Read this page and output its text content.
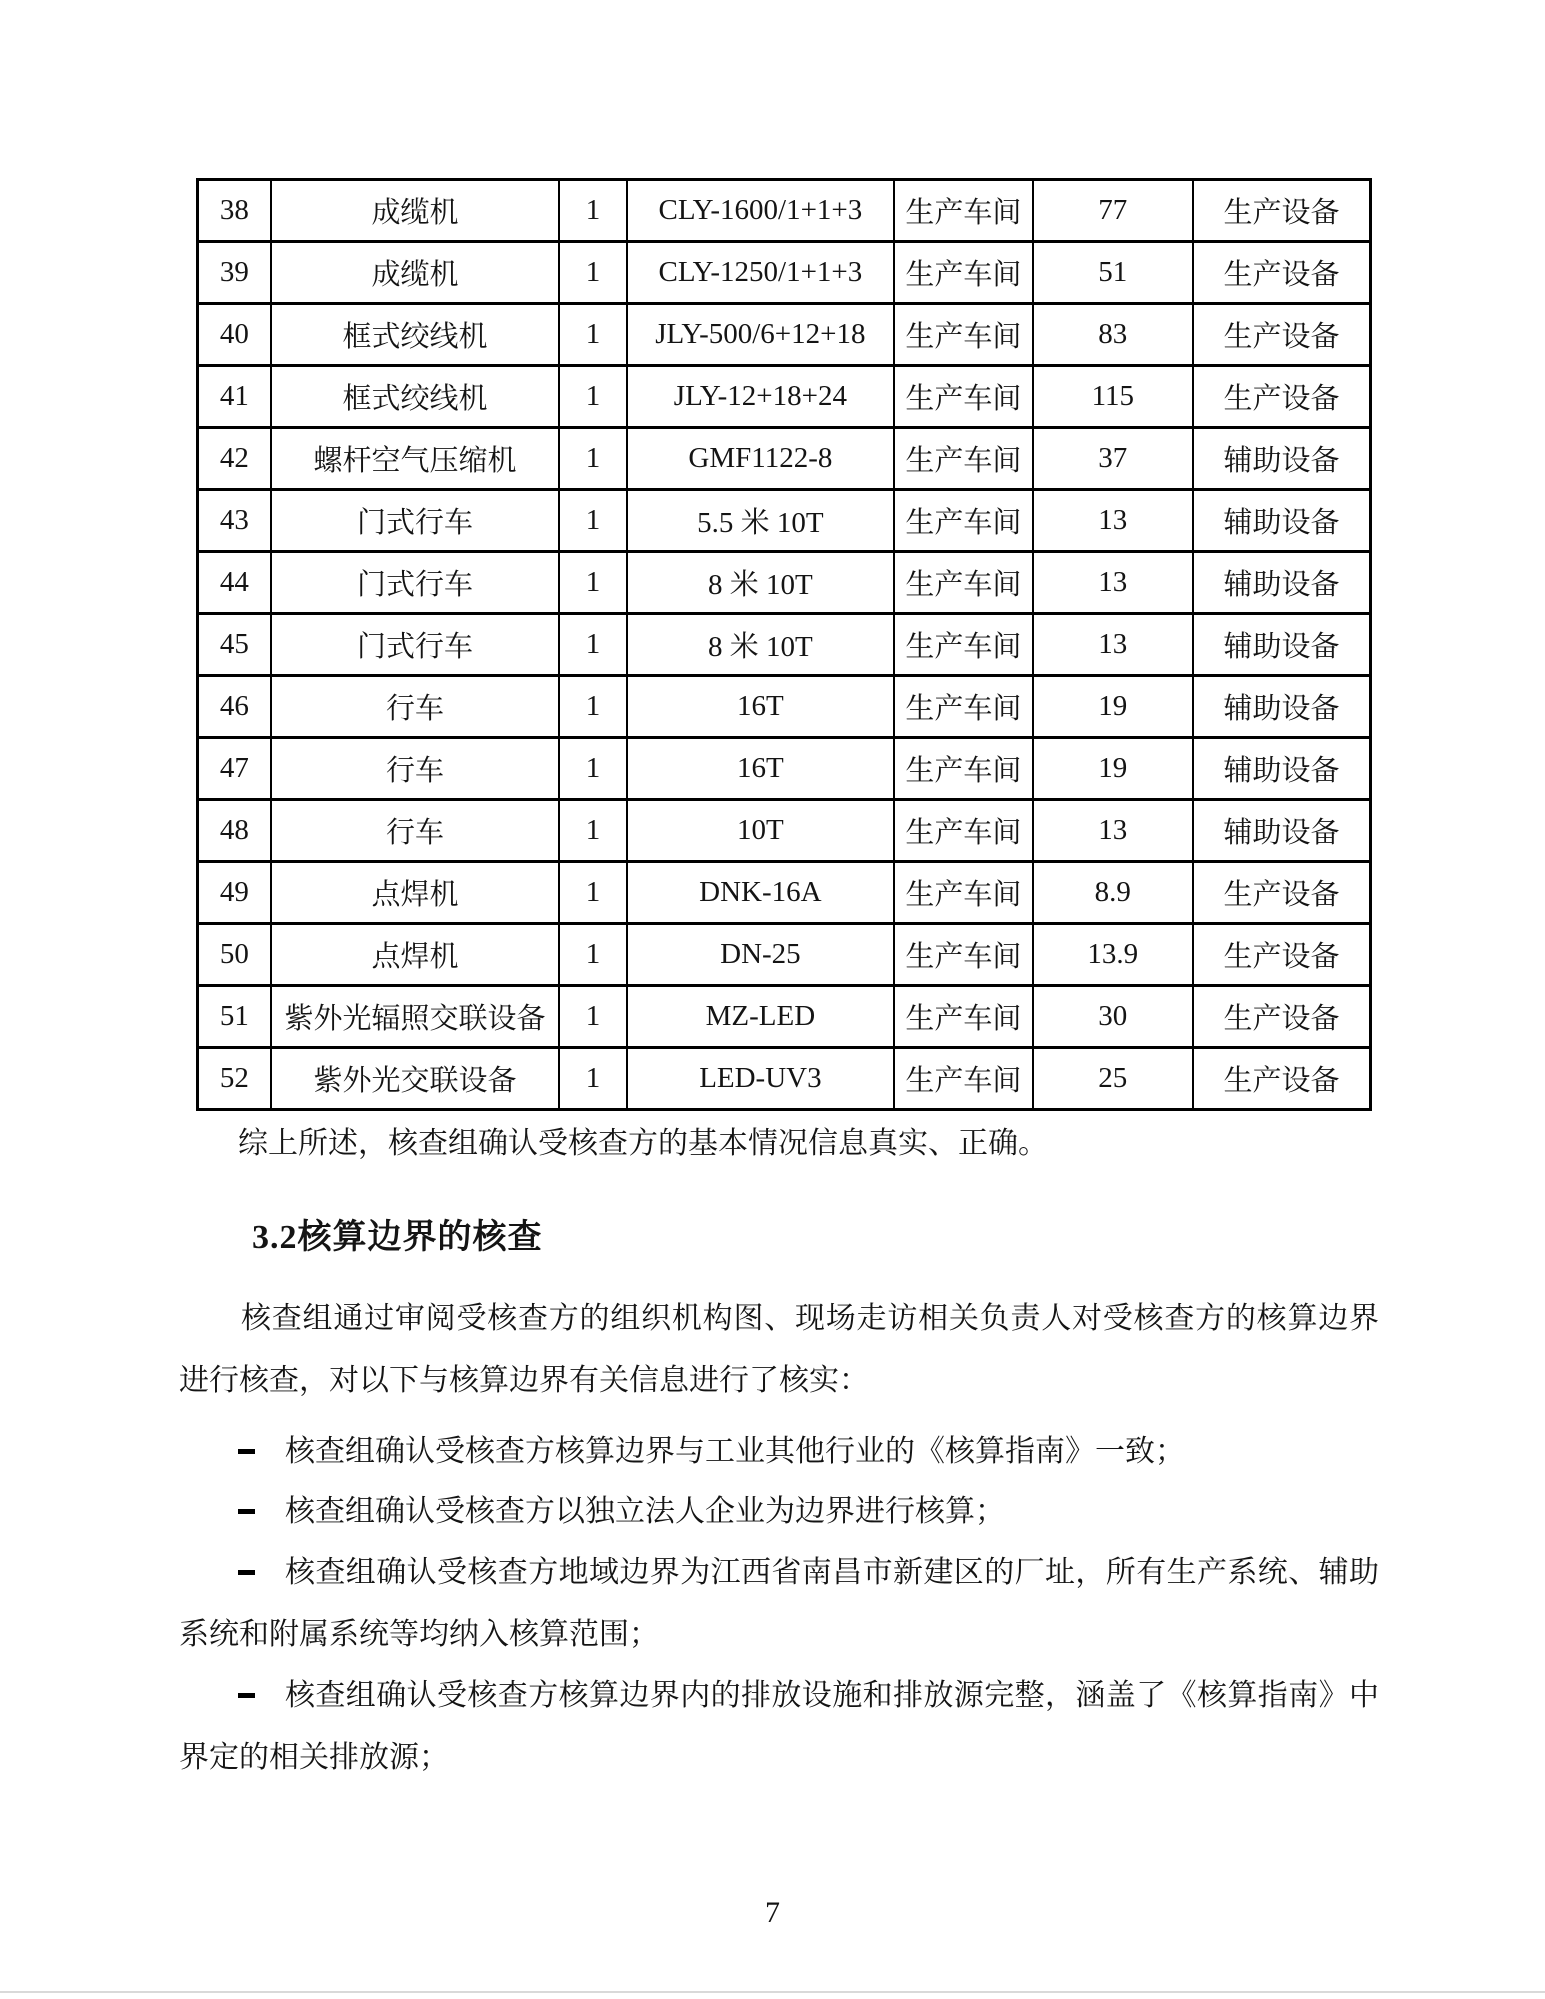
38	成缆机	1	CLY-1600/1+1+3	生产车间	77	生产设备
39	成缆机	1	CLY-1250/1+1+3	生产车间	51	生产设备
40	框式绞线机	1	JLY-500/6+12+18	生产车间	83	生产设备
41	框式绞线机	1	JLY-12+18+24	生产车间	115	生产设备
42	螺杆空气压缩机	1	GMF1122-8	生产车间	37	辅助设备
43	门式行车	1	5.5 米 10T	生产车间	13	辅助设备
44	门式行车	1	8 米 10T	生产车间	13	辅助设备
45	门式行车	1	8 米 10T	生产车间	13	辅助设备
46	行车	1	16T	生产车间	19	辅助设备
47	行车	1	16T	生产车间	19	辅助设备
48	行车	1	10T	生产车间	13	辅助设备
49	点焊机	1	DNK-16A	生产车间	8.9	生产设备
50	点焊机	1	DN-25	生产车间	13.9	生产设备
51	紫外光辐照交联设备	1	MZ-LED	生产车间	30	生产设备
52	紫外光交联设备	1	LED-UV3	生产车间	25	生产设备
综上所述，核查组确认受核查方的基本情况信息真实、正确。
3.2核算边界的核查
核查组通过审阅受核查方的组织机构图、现场走访相关负责人对受核查方的核算边界进行核查，对以下与核算边界有关信息进行了核实：
核查组确认受核查方核算边界与工业其他行业的《核算指南》一致；
核查组确认受核查方以独立法人企业为边界进行核算；
核查组确认受核查方地域边界为江西省南昌市新建区的厂址，所有生产系统、辅助系统和附属系统等均纳入核算范围；
核查组确认受核查方核算边界内的排放设施和排放源完整，涵盖了《核算指南》中界定的相关排放源；
7
